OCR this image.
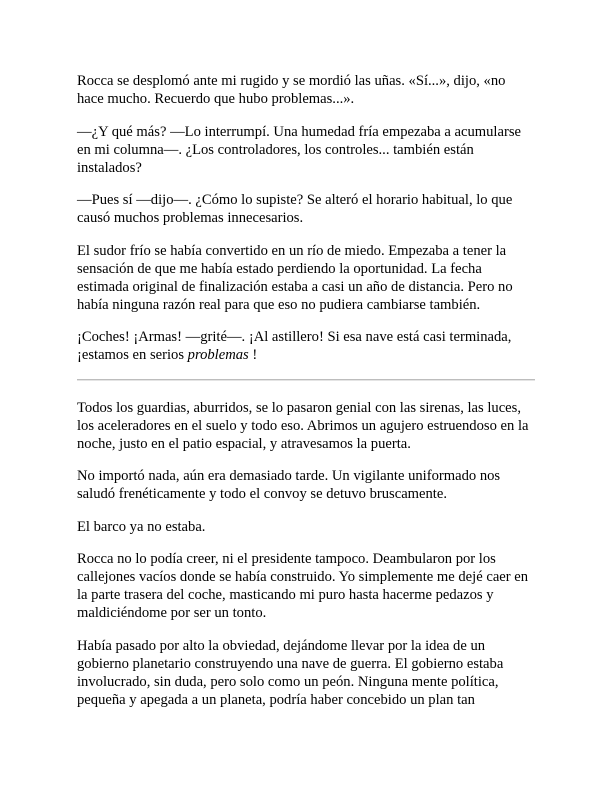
Rocca se desplomó ante mi rugido y se mordió las uñas. «Sí...», dijo, «no hace mucho. Recuerdo que hubo problemas...».

—¿Y qué más? —Lo interrumpí. Una humedad fría empezaba a acumularse en mi columna—. ¿Los controladores, los controles... también están instalados?

—Pues sí —dijo—. ¿Cómo lo supiste? Se alteró el horario habitual, lo que causó muchos problemas innecesarios.

El sudor frío se había convertido en un río de miedo. Empezaba a tener la sensación de que me había estado perdiendo la oportunidad. La fecha estimada original de finalización estaba a casi un año de distancia. Pero no había ninguna razón real para que eso no pudiera cambiarse también.

¡Coches! ¡Armas! —grité—. ¡Al astillero! Si esa nave está casi terminada, ¡estamos en serios problemas !

Todos los guardias, aburridos, se lo pasaron genial con las sirenas, las luces, los aceleradores en el suelo y todo eso. Abrimos un agujero estruendoso en la noche, justo en el patio espacial, y atravesamos la puerta.

No importó nada, aún era demasiado tarde. Un vigilante uniformado nos saludó frenéticamente y todo el convoy se detuvo bruscamente.

El barco ya no estaba.

Rocca no lo podía creer, ni el presidente tampoco. Deambularon por los callejones vacíos donde se había construido. Yo simplemente me dejé caer en la parte trasera del coche, masticando mi puro hasta hacerme pedazos y maldiciéndome por ser un tonto.

Había pasado por alto la obviedad, dejándome llevar por la idea de un gobierno planetario construyendo una nave de guerra. El gobierno estaba involucrado, sin duda, pero solo como un peón. Ninguna mente política, pequeña y apegada a un planeta, podría haber concebido un plan tan
